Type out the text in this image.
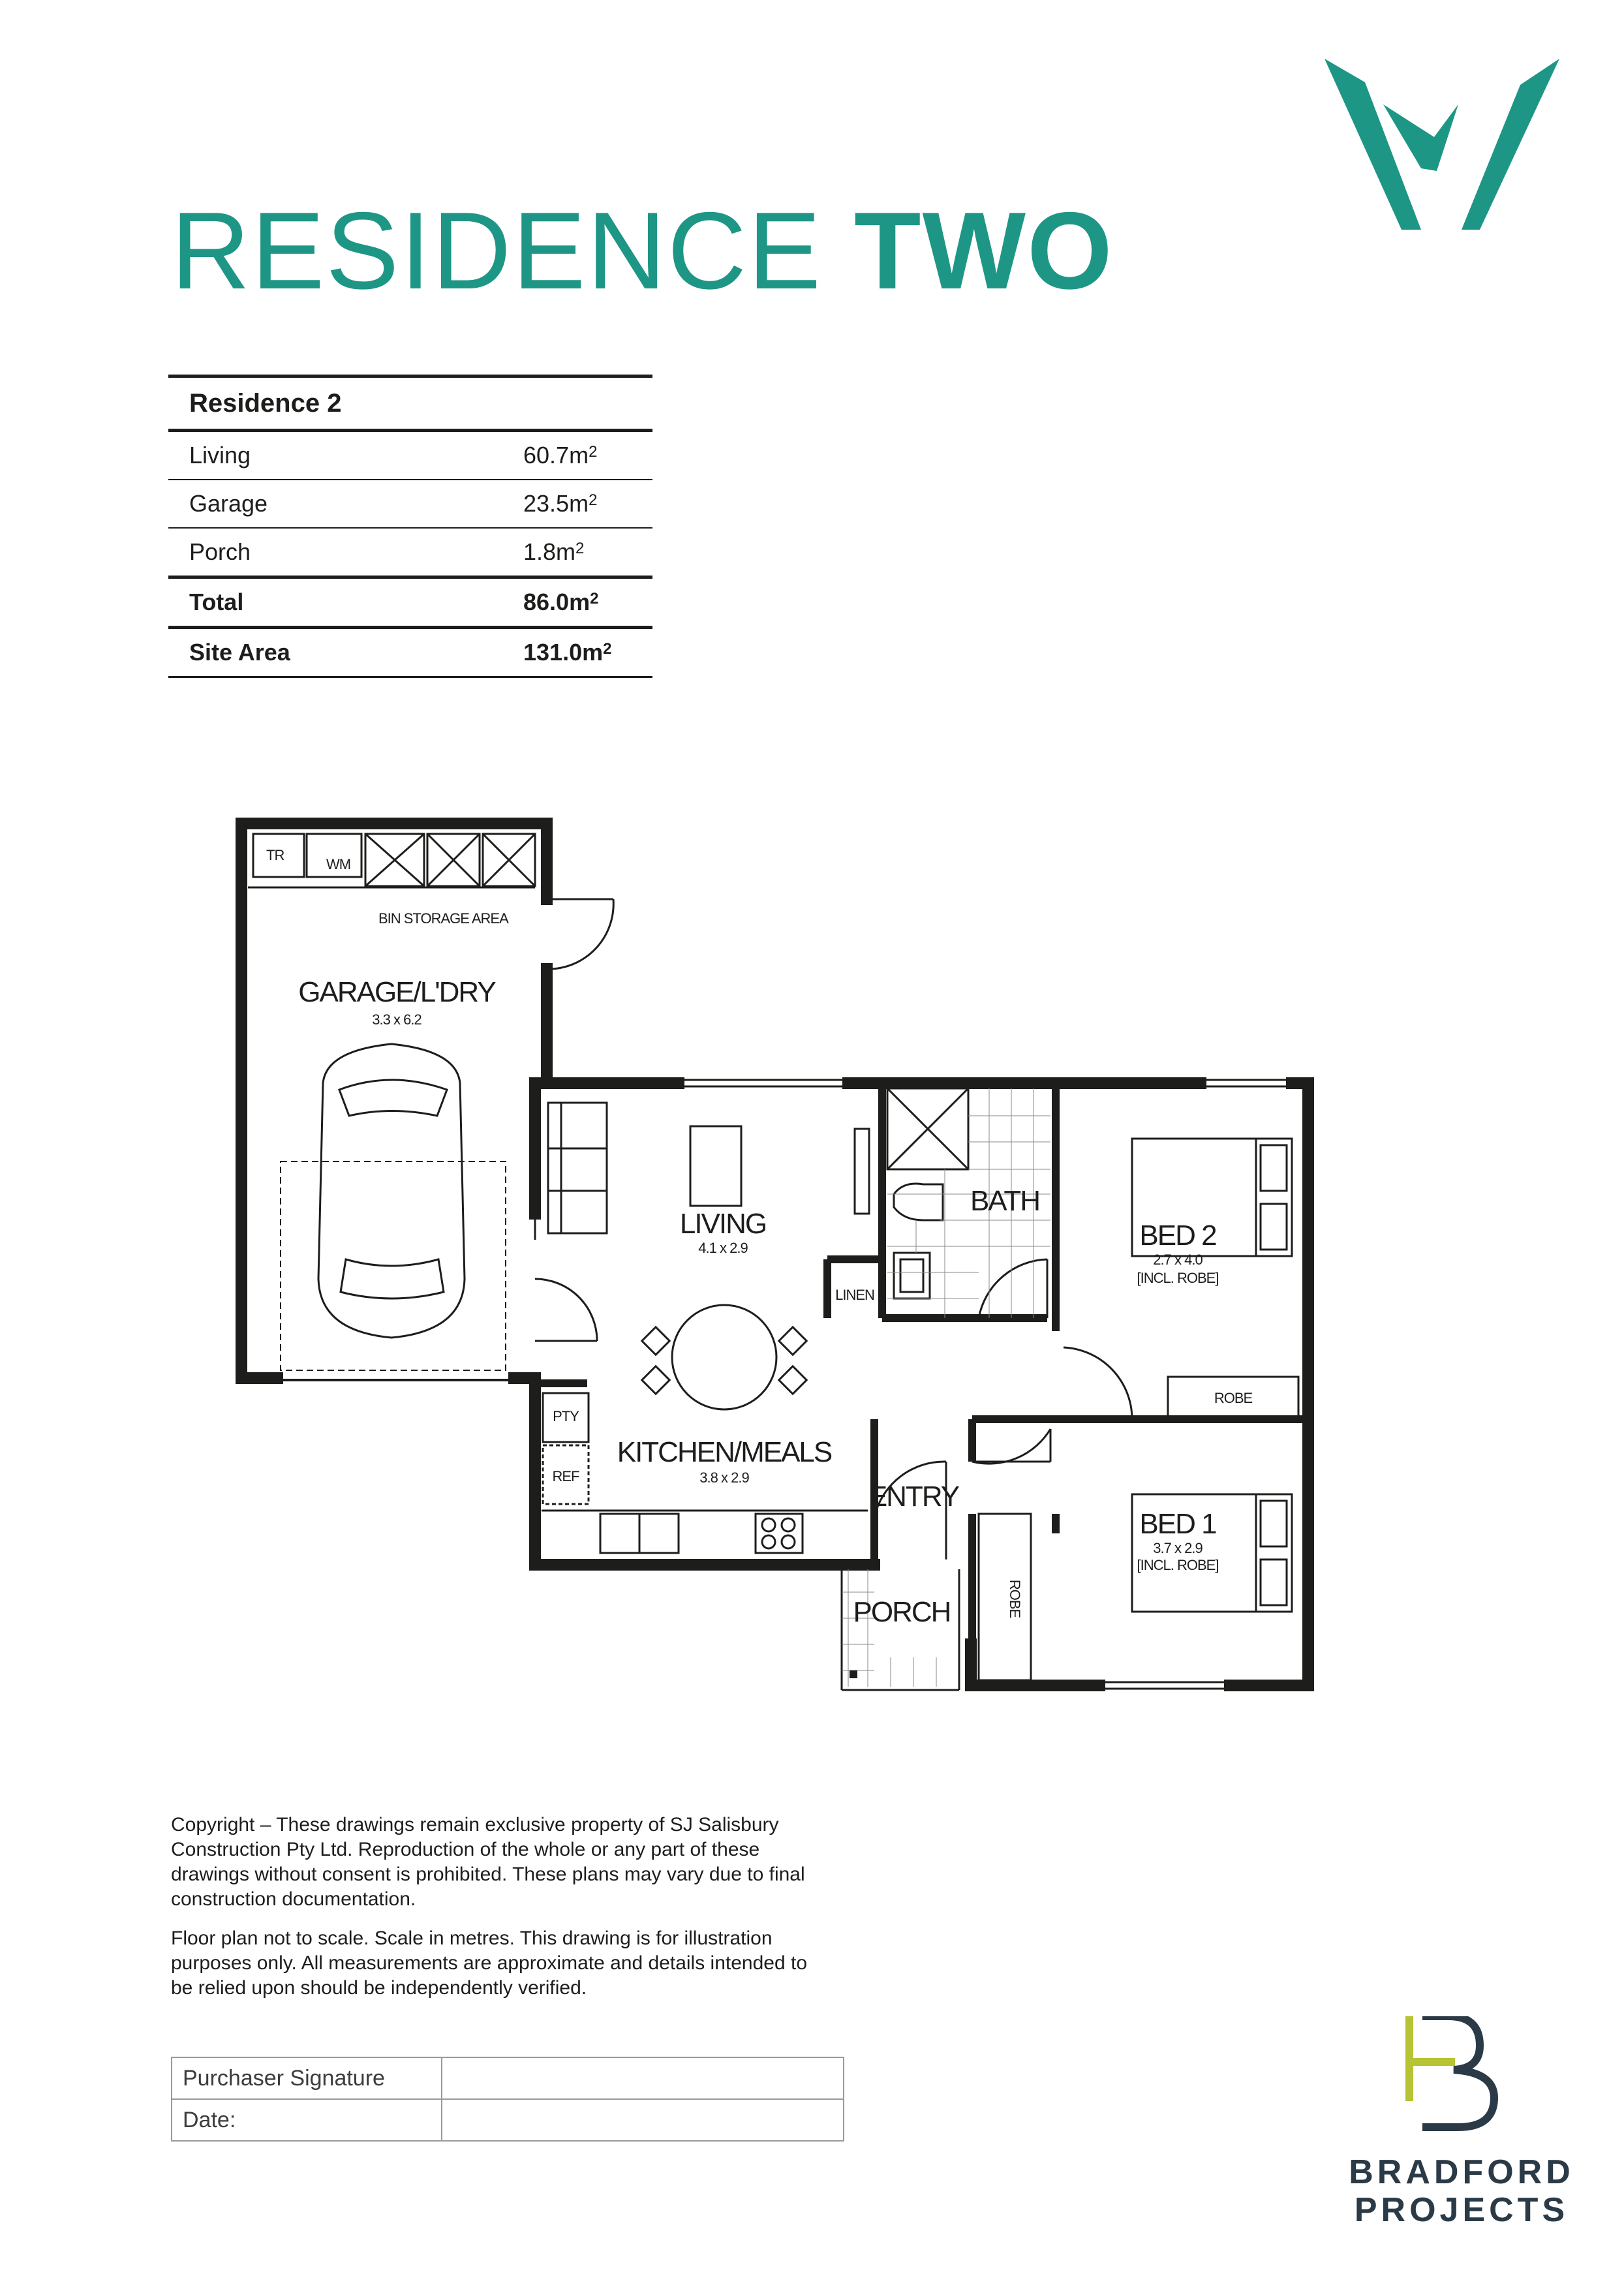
RESIDENCE TWO
Residence 2	
Living	$60.7m^2$
Garage	$23.5m^2$
Porch	$1.8m^2$
Total	$86.0m^2$
Site Area	$131.0m^2$
TR
WM
BIN STORAGE AREA
GARAGE/L'DRY
3.3 x 6.2
LIVING
4.1 x 2.9
LINEN
BATH
BED 2
2.7 x 4.0
[INCL. ROBE]
ROBE
PTY
REF
KITCHEN/MEALS
3.8 x 2.9
ENTRY
BED 1
3.7 x 2.9
[INCL. ROBE]
ROBE
PORCH

Copyright – These drawings remain exclusive property of SJ Salisbury Construction Pty Ltd. Reproduction of the whole or any part of these drawings without consent is prohibited. These plans may vary due to final construction documentation.

Floor plan not to scale. Scale in metres. This drawing is for illustration purposes only. All measurements are approximate and details intended to be relied upon should be independently verified.

Purchaser Signature	
Date:	
BRADFORD
PROJECTS
